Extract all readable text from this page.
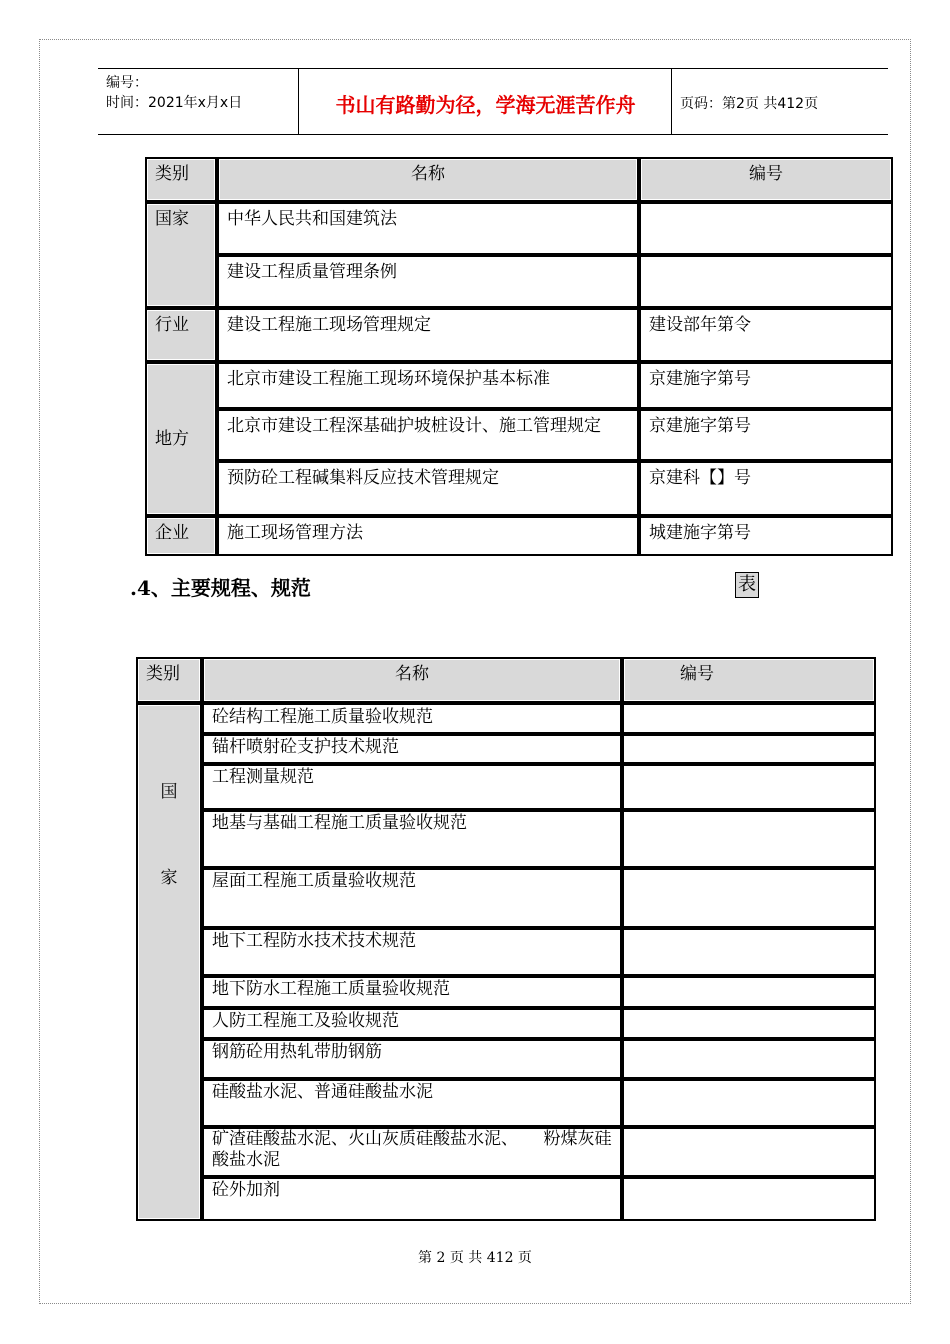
编号：
时间：2021年x月x日	书山有路勤为径，学海无涯苦作舟	页码：第2页 共412页
类别	名称	编号

国家	中华人民共和国建筑法	

	建设工程质量管理条例	

行业	建设工程施工现场管理规定	建设部年第令

地方	北京市建设工程施工现场环境保护基本标准	京建施字第号

	北京市建设工程深基础护坡桩设计、施工管理规定	京建施字第号

	预防砼工程碱集料反应技术管理规定	京建科【】号

企业	施工现场管理方法	城建施字第号
.4、主要规程、规范	表
类别	名称	编号

国
家	砼结构工程施工质量验收规范	

	锚杆喷射砼支护技术规范	

	工程测量规范	

	地基与基础工程施工质量验收规范	

	屋面工程施工质量验收规范	

	地下工程防水技术技术规范	

	地下防水工程施工质量验收规范	

	人防工程施工及验收规范	

	钢筋砼用热轧带肋钢筋	

	硅酸盐水泥、普通硅酸盐水泥	

	矿渣硅酸盐水泥、火山灰质硅酸盐水泥、　　粉煤灰硅酸盐水泥	

	砼外加剂	

第 2 页 共 412 页
